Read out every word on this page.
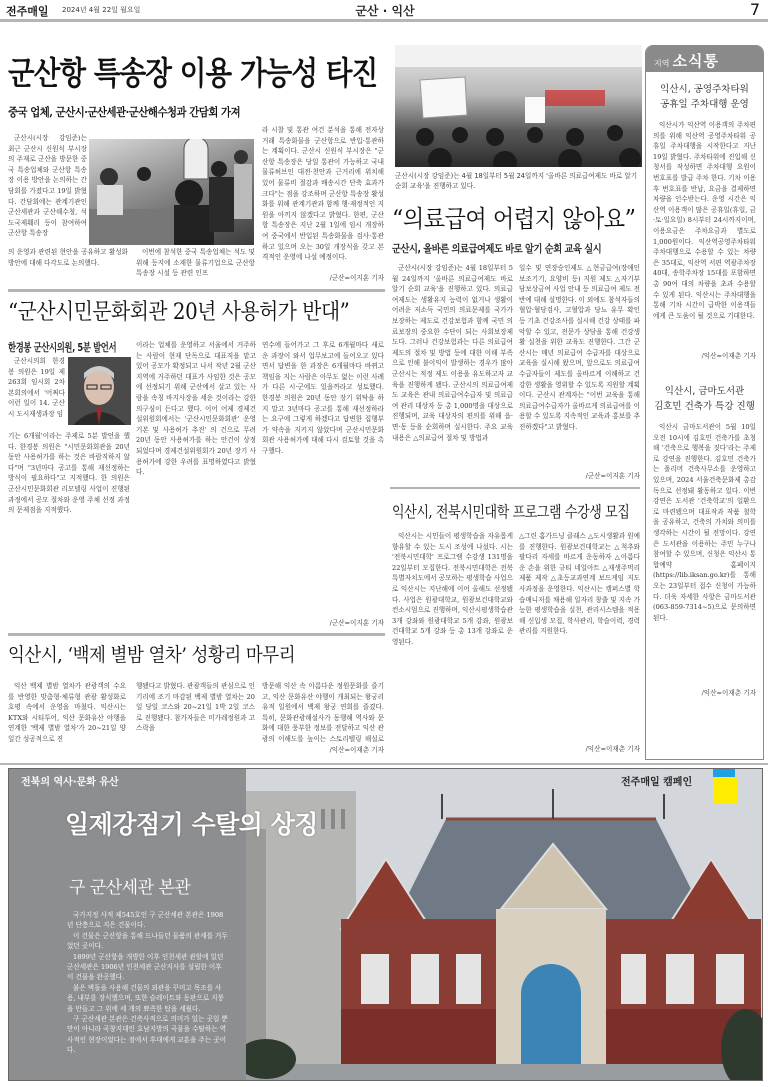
전주매일 2024년 4월 22일 월요일	군산 · 익산	7
군산항 특송장 이용 가능성 타진
중국 업체, 군산시·군산세관·군산해수청과 간담회 가져
군산시(시장 강임준)는 최근 군산시 신원식 부시장의 주재로 군산을 방문한 중국 특송업체와 군산항 특송장 이용 방안을 논의하는 간담회를 가졌다고 19일 밝혔다. 간담회에는 관계기관인 군산세관과 군산해수청, 석도국제훼리 등이 참여하여 군산항 특송장
의 운영과 관련된 현안을 공유하고 활성화 방안에 대해 다각도로 논의했다.
이번에 참석한 중국 특송업체는 석도 및 위해 등지에 소재한 물류기업으로 군산항 특송장 시설 등 관련 인프
라 시찰 및 통관 여건 분석을 통해 전자상거래 특송화물을 군산항으로 반입·통관하는 계획이다. 군산시 신원식 부시장은 "군산항 특송장은 당일 통관이 가능하고 국내 물류허브인 대전·천안과 근거리에 위치해있어 물류비 절감과 배송시간 단축 효과가 크다"는 점을 강조하며 군산항 특송장 활성화를 위해 관계기관과 함께 행·재정적인 지원을 아끼지 않겠다고 밝혔다. 한편, 군산항 특송장은 지난 2월 1일에 임시 개장하여 중국에서 반입된 특송화물을 검사·통관하고 있으며 오는 30일 개장식을 갖고 본격적인 운영에 나설 예정이다.
/군산=이지훈 기자
군산시(시장 강임준)는 4월 18일부터 5월 24일까지 '올바른 의료급여제도 바로 알기 순회 교육'을 진행하고 있다.
“의료급여 어렵지 않아요”
군산시, 올바른 의료급여제도 바로 알기 순회 교육 실시
군산시(시장 강임준)는 4월 18일부터 5월 24일까지 '올바른 의료급여제도 바로 알기 순회 교육'을 진행하고 있다. 의료급여제도는 생활유지 능력이 없거나 생활이 어려운 저소득 국민의 의료문제를 국가가 보장하는 제도로 건강보험과 함께 국민 의료보장의 중요한 수단이 되는 사회보장제도다. 그러나 건강보험과는 다른 의료급여제도의 절차 및 방법 등에 대한 이해 부족으로 인해 불이익이 발생하는 경우가 많아 군산시는 적정 제도 이용을 유도하고자 교육을 진행하게 됐다. 군산시의 의료급여제도 교육은 관내 의료급여수급자 및 의료급여 관리 대상자 등 총 1,000명을 대상으로 진행되며, 교육 대상자의 편의를 위해 읍·면·동 등을 순회하며 실시한다. 주요 교육 내용은 △의료급여 절차 및 방법과
일수 및 연장승인제도 △현금급여(장애인보조기기, 요양비 등) 지원 제도 △자기부담보상금여 사업 안내 등 의료급여 제도 전반에 대해 설명한다. 이 외에도 참석자들의 혈압·혈당검사, 고혈압과 당뇨 유무 확인 등 기초 건강조사를 실시해 건강 상태를 파악할 수 있고, 전문가 상담을 통해 건강생활 실천을 위한 교육도 진행한다. 그간 군산시는 매년 의료급여 수급자를 대상으로 교육을 실시해 왔으며, 앞으로도 의료급여 수급자들이 제도를 올바르게 이해하고 건강한 생활을 영위할 수 있도록 지원할 계획이다. 군산시 관계자는 "이번 교육을 통해 의료급여수급자가 올바르게 의료급여를 이용할 수 있도록 지속적인 교육과 홍보를 추진하겠다"고 밝혔다.
/군산=이지훈 기자
“군산시민문화회관 20년 사용허가 반대”
한경봉 군산시의원, 5분 발언서
군산시의회 한경봉 의원은 19일 제263회 임시회 2차 본회의에서 '어쩌다 이런 일이 14. 군산시 도시재생과장 임
기는 6개월'이라는 주제로 5분 발언을 했다. 한경봉 의원은 "시민문화회관을 20년 동안 사용허가를 하는 것은 바람직하지 않다"며 "3년마다 공고를 통해 재선정하는 방식이 필요하다"고 지적했다. 한 의원은 군산시민문화회관 리모델링 사업이 진행된 과정에서 공모 절차와 운영 주체 선정 과정의 문제점을 지적했다.
이라는 업체를 운영하고 서울에서 거주하는 사람이 현재 단독으로 대표직을 맡고 있어 공모가 확정되고 나서 작년 2월 군산지역에 거주하던 대표가 사임한 것은 공모에 선정되기 위해 군산에서 살고 있는 사람을 속칭 바지사장을 세운 것이라는 강한 의구심이 든다고 했다. 이어 어제 경제건설위원회에서는 '군산시민문화회관' 운영 기본 및 사용허가 추진' 의 건으로 무려 20년 동안 사용허가를 하는 안건이 상정되었다며 경제건설위원회가 20년 장기 사용허가에 강한 우려를 표명하였다고 밝혔다.
연수에 들어가고 그 후로 6개월마다 새로운 과장이 와서 업무보고에 들어오고 있다면서 답변을 한 과장은 6개월마다 바뀌고 책임을 지는 사람은 아무도 없는 이런 사례가 다른 시·군에도 있을까라고 성토했다. 한경봉 의원은 20년 동안 장기 위탁을 하지 말고 3년마다 공고를 통해 재선정하라는 요구에 그렇게 하겠다고 답변한 집행부가 약속을 지키지 않았다며 군산시민문화회관 사용허가에 대해 다시 검토할 것을 촉구했다.
/군산=이지훈 기자
익산시, 전북시민대학 프로그램 수강생 모집
익산시는 시민들이 평생학습을 자유롭게 향유할 수 있는 도시 조성에 나섰다. 시는 '전북시민대학' 프로그램 수강생 131명을 22일부터 모집한다. 전북시민대학은 전북특별자치도에서 공모하는 평생학습 사업으로 익산시는 지난해에 이어 올해도 선정됐다. 사업은 원광대학교, 원광보건대학교와 컨소시엄으로 진행하며, 익산시평생학습관 3개 강좌와 원광대학교 5개 강좌, 원광보건대학교 5개 강좌 등 총 13개 강좌로 운영된다.
△그린 홈가드닝 클래스 △도시생활과 원예를 진행한다. 원광보건대학교는 △척추와 팔다리 자세를 바르게 운동하자 △아름다운 손을 위한 규티 네일아트 △재생주먹리 제품 제작 △초등교과연계 보드게임 지도사과정을 운영한다. 익산시는 캠퍼스별 학습매니저를 채용해 일자리 창출 및 지속 가능한 평생학습을 실천, 관리시스템을 적용해 신입생 모집, 학사관리, 학습이력, 경력관리를 지원한다.
/익산=이재춘 기자
익산시, ‘백제 별밤 열차’ 성황리 마무리
익산 백제 별밤 열차가 관광객의 수요를 반영한 맞춤형·체류형 관광 활성화로 호평 속에서 운영을 마쳤다. 익산시는 KTX와 시티투어, 익산 문화유산 야행을 연계한 '백제 별밤 열차'가 20~21일 양일간 성공적으로 진
행됐다고 밝혔다. 관광객들의 관심으로 인기리에 조기 마감된 백제 별밤 열차는 20일 당일 코스와 20~21일 1박 2일 코스로 진행됐다. 참가자들은 미가레정원과 고스락을
방문해 익산 속 아름다운 정원문화를 즐기고, 익산 문화유산 야행이 개최되는 왕궁리유적 일원에서 백제 왕궁 연회를 즐겼다. 특히, 문화관광해설사가 동행해 역사와 문화에 대한 풍부한 정보를 전달하고 익산 관광의 이해도를 높이는 스토리텔링 해설로
/익산=이재춘 기자
지역 소식통
익산시, 공영주차타워
공휴일 주차대행 운영
익산시가 익산역 이용객의 주차편의를 위해 익산역 공영주차타워 공휴일 주차대행을 시작한다고 지난 19일 밝혔다. 주차타워에 진입해 신청서를 작성하면 주차대행 요원이 번호표를 발급 주차 한다. 기차 이용 후 번호표를 반납, 요금을 결제하면 차량을 인수받는다. 운영 시간은 익산역 이용객이 많은 공휴일(휴일, 금·토·일요일) 8시부터 24시까지이며, 이용요금은 주차요금과 별도로 1,000원이다. 익산역공영주차타워 주차대행으로 수용할 수 있는 차량은 35대로, 익산역 서편 역광주차장 40대, 송학주차장 15대를 포함하면 총 90여 대의 차량을 초과 수용할 수 있게 된다. 익산시는 주차대행을 통해 기차 시간이 급박한 이용객들에게 큰 도움이 될 것으로 기대한다.
/익산=이재춘 기자
익산시, 금마도서관
김호민 건축가 특강 진행
익산시 금마도서관이 5월 10일 오전 10시에 김호민 건축가를 초청해 '건축으로 행복을 짓다'라는 주제로 강연을 진행한다. 김호민 건축가는 폴리머 건축사무소를 운영하고 있으며, 2024 서울건축문화제 총감독으로 선정돼 활동하고 있다. 이번 강연은 도서관 '건축학교'의 일환으로 마련됐으며 대표작과 작품 철학을 공유하고, 건축의 가치와 의미를 생각하는 시간이 될 전망이다. 강연은 도서관을 이용하는 주민 누구나 참여할 수 있으며, 신청은 익산시 통합예약 홈페이지(https://lib.iksan.go.kr)를 통해 오는 23일부터 접수 신청이 가능하다. 더욱 자세한 사항은 금마도서관(063-859-7314~5)으로 문의하면 된다.
/익산=이재춘 기자
전북의 역사·문화 유산	전주매일 캠페인
일제강점기 수탈의 상징
구 군산세관 본관

국가지정 사적 제545호인 구 군산세관 본관은 1908년 단층으로 지은 건물이다.

이 건물은 군산항을 통해 드나들던 물품의 관세를 거두었던 곳이다.

1899년 군산항을 개방한 이후 인천세관 관할에 있던 군산세관은 1906년 인천세관 군산지사를 설립한 이후 이 건물을 완공했다.

붉은 벽돌을 사용해 건물의 외관을 꾸미고 목조를 사용, 내부를 장식했으며, 또한 슬레이트와 동판으로 지붕을 만들고 그 위에 세 개의 뾰족한 탑을 세웠다.

구 군산세관 본관은 건축사적으로 의미가 있는 곳일 뿐만이 아니라 곡창지대인 호남지방의 곡물을 수탈하는 역사적인 현장이었다는 점에서 후대에게 교훈을 주는 곳이다.
